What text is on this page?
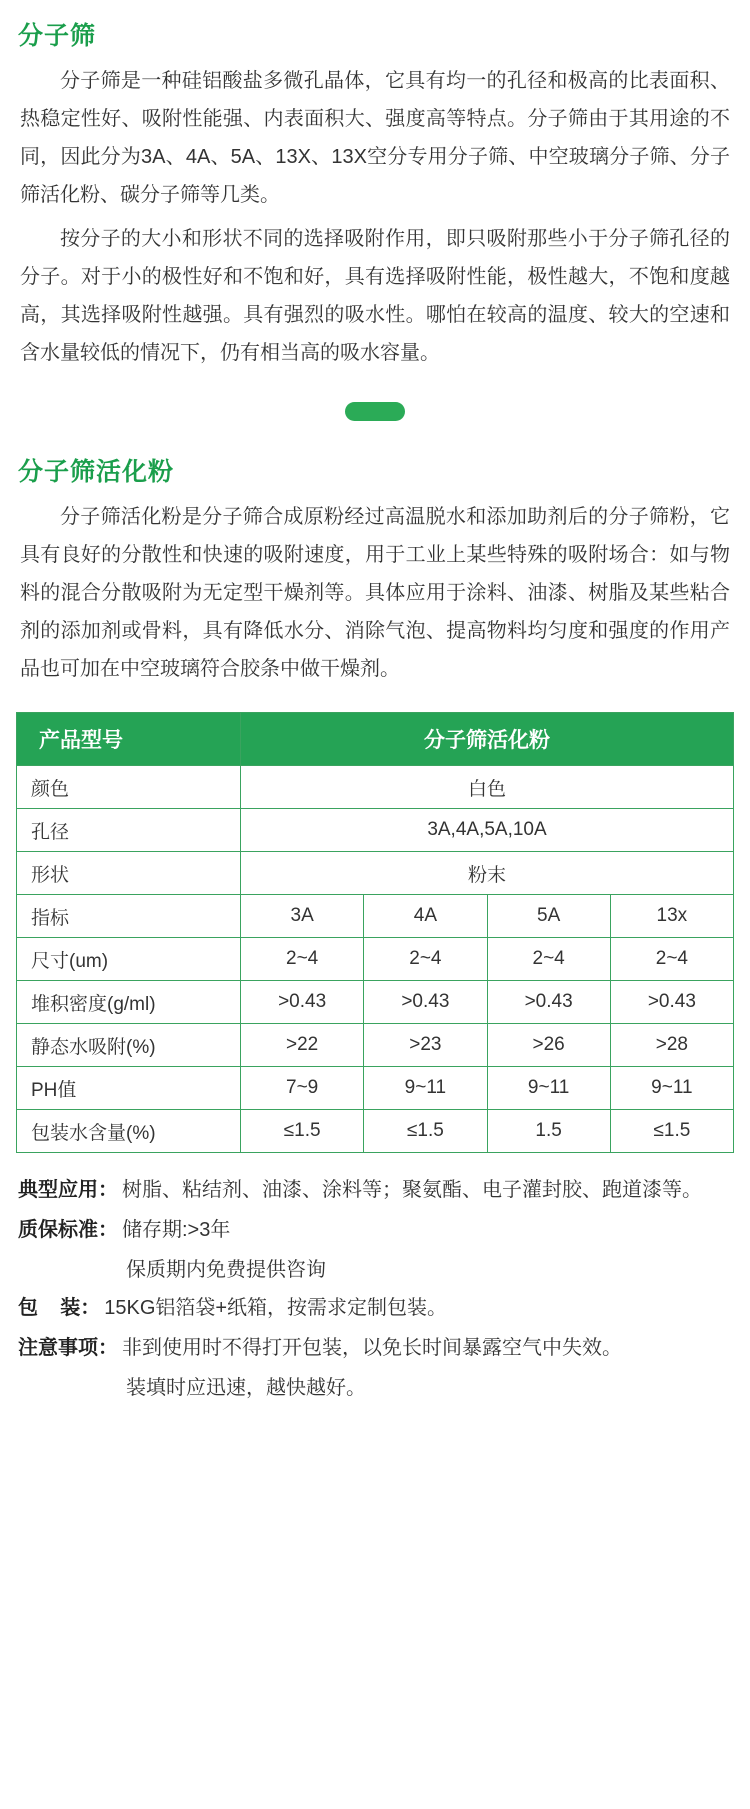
分子筛

分子筛是一种硅铝酸盐多微孔晶体，它具有均一的孔径和极高的比表面积、热稳定性好、吸附性能强、内表面积大、强度高等特点。分子筛由于其用途的不同，因此分为3A、4A、5A、13X、13X空分专用分子筛、中空玻璃分子筛、分子筛活化粉、碳分子筛等几类。

按分子的大小和形状不同的选择吸附作用，即只吸附那些小于分子筛孔径的分子。对于小的极性好和不饱和好，具有选择吸附性能，极性越大，不饱和度越高，其选择吸附性越强。具有强烈的吸水性。哪怕在较高的温度、较大的空速和含水量较低的情况下，仍有相当高的吸水容量。

分子筛活化粉

分子筛活化粉是分子筛合成原粉经过高温脱水和添加助剂后的分子筛粉，它具有良好的分散性和快速的吸附速度，用于工业上某些特殊的吸附场合：如与物料的混合分散吸附为无定型干燥剂等。具体应用于涂料、油漆、树脂及某些粘合剂的添加剂或骨料，具有降低水分、消除气泡、提高物料均匀度和强度的作用产品也可加在中空玻璃符合胶条中做干燥剂。

产品型号	分子筛活化粉			
颜色	白色			
孔径	3A,4A,5A,10A			
形状	粉末			
指标	3A	4A	5A	13x
尺寸(um)	2~4	2~4	2~4	2~4
堆积密度(g/ml)	>0.43	>0.43	>0.43	>0.43
静态水吸附(%)	>22	>23	>26	>28
PH值	7~9	9~11	9~11	9~11
包装水含量(%)	≤1.5	≤1.5	1.5	≤1.5
典型应用： 树脂、粘结剂、油漆、涂料等；聚氨酯、电子灌封胶、跑道漆等。
质保标准： 储存期:>3年
保质期内免费提供咨询
包    装： 15KG铝箔袋+纸箱，按需求定制包装。
注意事项： 非到使用时不得打开包装，以免长时间暴露空气中失效。
装填时应迅速，越快越好。
